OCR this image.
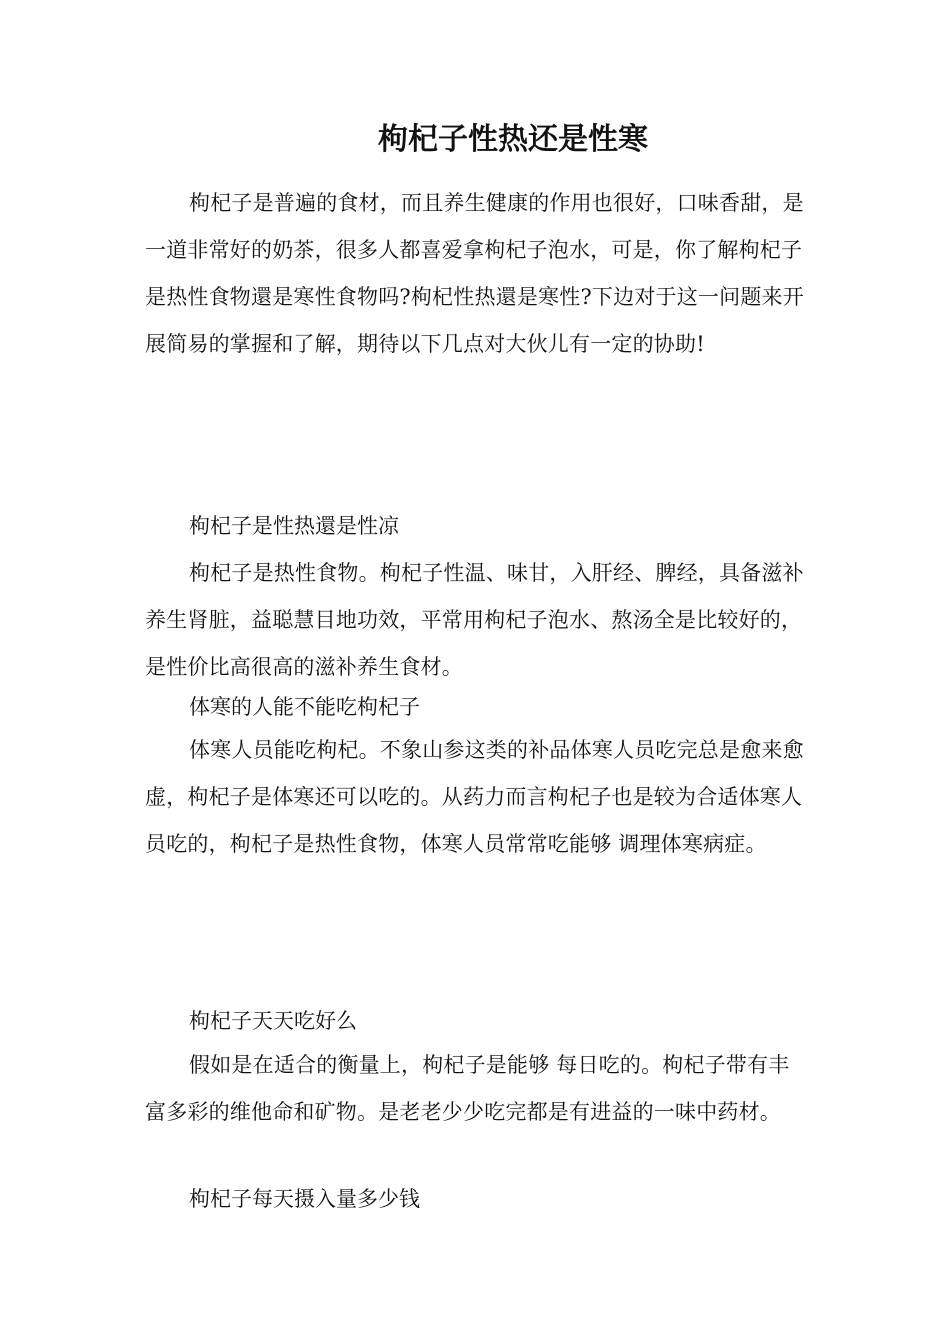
枸杞子性热还是性寒

枸杞子是普遍的食材，而且养生健康的作用也很好，口味香甜，是一道非常好的奶茶，很多人都喜爱拿枸杞子泡水，可是，你了解枸杞子是热性食物還是寒性食物吗?枸杞性热還是寒性?下边对于这一问题来开展简易的掌握和了解，期待以下几点对大伙儿有一定的协助!

枸杞子是性热還是性凉

枸杞子是热性食物。枸杞子性温、味甘，入肝经、脾经，具备滋补养生肾脏，益聪慧目地功效，平常用枸杞子泡水、熬汤全是比较好的，是性价比高很高的滋补养生食材。

体寒的人能不能吃枸杞子

体寒人员能吃枸杞。不象山参这类的补品体寒人员吃完总是愈来愈虚，枸杞子是体寒还可以吃的。从药力而言枸杞子也是较为合适体寒人员吃的，枸杞子是热性食物，体寒人员常常吃能够 调理体寒病症。

枸杞子天天吃好么

假如是在适合的衡量上，枸杞子是能够 每日吃的。枸杞子带有丰富多彩的维他命和矿物。是老老少少吃完都是有进益的一味中药材。

枸杞子每天摄入量多少钱
